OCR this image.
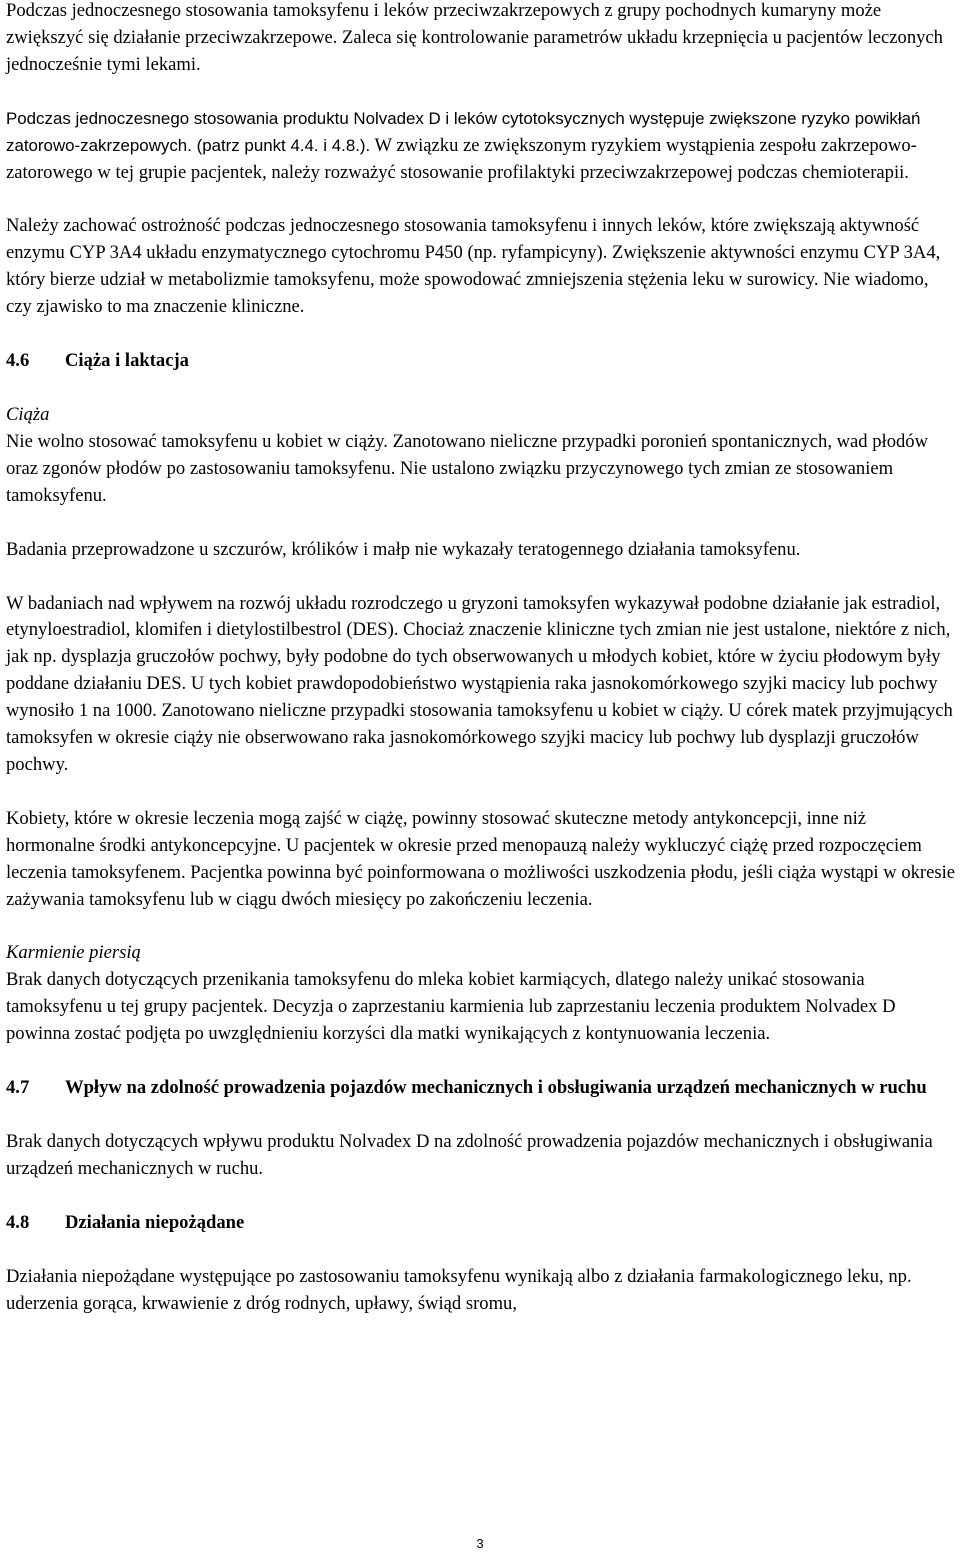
Podczas jednoczesnego stosowania tamoksyfenu i leków przeciwzakrzepowych z grupy pochodnych kumaryny może zwiększyć się działanie przeciwzakrzepowe. Zaleca się kontrolowanie parametrów układu krzepnięcia u pacjentów leczonych jednocześnie tymi lekami.

Podczas jednoczesnego stosowania produktu Nolvadex D i leków cytotoksycznych występuje zwiększone ryzyko powikłań zatorowo-zakrzepowych. (patrz punkt 4.4. i 4.8.). W związku ze zwiększonym ryzykiem wystąpienia zespołu zakrzepowo-zatorowego w tej grupie pacjentek, należy rozważyć stosowanie profilaktyki przeciwzakrzepowej podczas chemioterapii.

Należy zachować ostrożność podczas jednoczesnego stosowania tamoksyfenu i innych leków, które zwiększają aktywność enzymu CYP 3A4 układu enzymatycznego cytochromu P450 (np. ryfampicyny). Zwiększenie aktywności enzymu CYP 3A4, który bierze udział w metabolizmie tamoksyfenu, może spowodować zmniejszenia stężenia leku w surowicy. Nie wiadomo, czy zjawisko to ma znaczenie kliniczne.

4.6	Ciąża i laktacja

Ciąża

Nie wolno stosować tamoksyfenu u kobiet w ciąży. Zanotowano nieliczne przypadki poronień spontanicznych, wad płodów oraz zgonów płodów po zastosowaniu tamoksyfenu. Nie ustalono związku przyczynowego tych zmian ze stosowaniem tamoksyfenu.

Badania przeprowadzone u szczurów, królików i małp nie wykazały teratogennego działania tamoksyfenu.

W badaniach nad wpływem na rozwój układu rozrodczego u gryzoni tamoksyfen wykazywał podobne działanie jak estradiol, etynyloestradiol, klomifen i dietylostilbestrol (DES). Chociaż znaczenie kliniczne tych zmian nie jest ustalone, niektóre z nich, jak np. dysplazja gruczołów pochwy, były podobne do tych obserwowanych u młodych kobiet, które w życiu płodowym były poddane działaniu DES. U tych kobiet prawdopodobieństwo wystąpienia raka jasnokomórkowego szyjki macicy lub pochwy wynosiło 1 na 1000. Zanotowano nieliczne przypadki stosowania tamoksyfenu u kobiet w ciąży. U córek matek przyjmujących tamoksyfen w okresie ciąży nie obserwowano raka jasnokomórkowego szyjki macicy lub pochwy lub dysplazji gruczołów pochwy.

Kobiety, które w okresie leczenia mogą zajść w ciążę, powinny stosować skuteczne metody antykoncepcji, inne niż hormonalne środki antykoncepcyjne. U pacjentek w okresie przed menopauzą należy wykluczyć ciążę przed rozpoczęciem leczenia tamoksyfenem. Pacjentka powinna być poinformowana o możliwości uszkodzenia płodu, jeśli ciąża wystąpi w okresie zażywania tamoksyfenu lub w ciągu dwóch miesięcy po zakończeniu leczenia.

Karmienie piersią

Brak danych dotyczących przenikania tamoksyfenu do mleka kobiet karmiących, dlatego należy unikać stosowania tamoksyfenu u tej grupy pacjentek. Decyzja o zaprzestaniu karmienia lub zaprzestaniu leczenia produktem Nolvadex D powinna zostać podjęta po uwzględnieniu korzyści dla matki wynikających z kontynuowania leczenia.

4.7	Wpływ na zdolność prowadzenia pojazdów mechanicznych i obsługiwania urządzeń mechanicznych w ruchu

Brak danych dotyczących wpływu produktu Nolvadex D na zdolność prowadzenia pojazdów mechanicznych i obsługiwania urządzeń mechanicznych w ruchu.

4.8	Działania niepożądane

Działania niepożądane występujące po zastosowaniu tamoksyfenu wynikają albo z działania farmakologicznego leku, np. uderzenia gorąca, krwawienie z dróg rodnych, upławy, świąd sromu,

3
